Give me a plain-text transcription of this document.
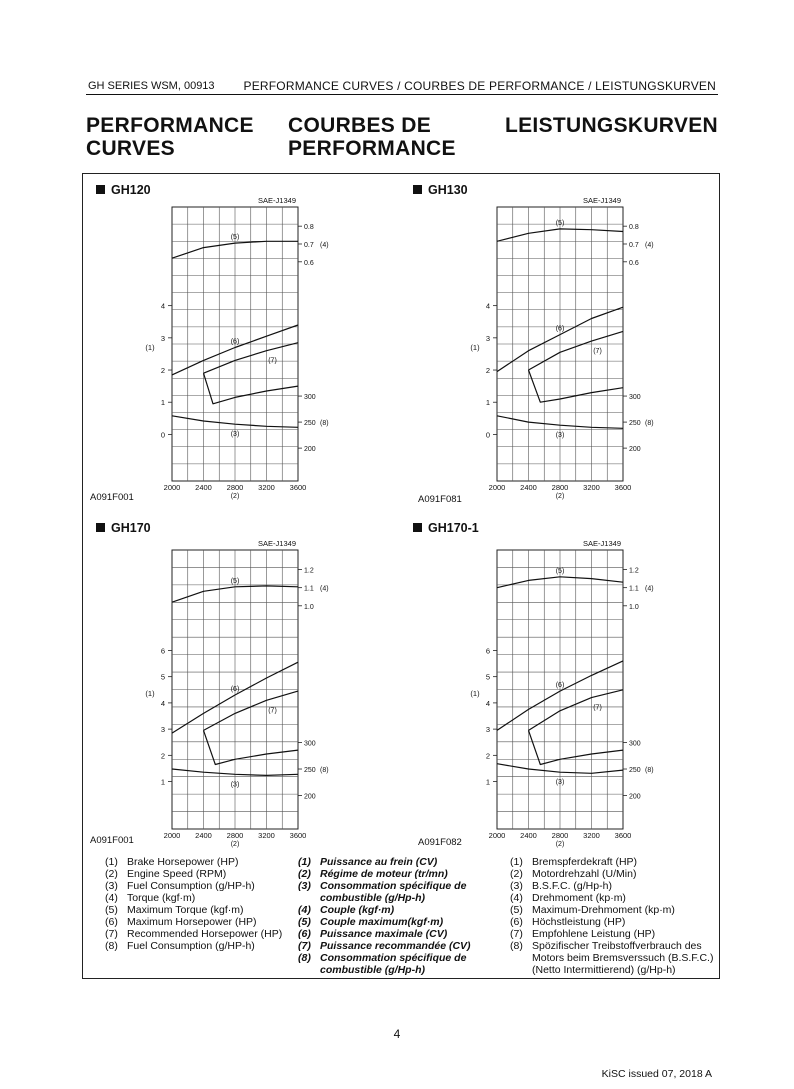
GH SERIES WSM, 00913 PERFORMANCE CURVES / COURBES DE PERFORMANCE / LEISTUNGSKURVEN
PERFORMANCE
CURVES
COURBES DE
PERFORMANCE
LEISTUNGSKURVEN
GH120
0
1
2
3
4
(1)
0.8
0.7
0.6
(4)
300
250
200
(8)
2000 2400 2800 3200 3600
(2)
SAE-J1349
(5)
(6)
(7)
(3)
A091F001
GH130
0
1
2
3
4
(1)
0.8
0.7
0.6
(4)
300
250
200
(8)
2000 2400 2800 3200 3600
(2)
SAE-J1349
(5)
(6)
(7)
(3)
A091F081
GH170
1
2
3
4
5
6
(1)
1.2
1.1
1.0
(4)
300
250
200
(8)
2000 2400 2800 3200 3600
(2)
SAE-J1349
(5)
(6)
(7)
(3)
A091F001
GH170-1
1
2
3
4
5
6
(1)
1.2
1.1
1.0
(4)
300
250
200
(8)
2000 2400 2800 3200 3600
(2)
SAE-J1349
(5)
(6)
(7)
(3)
A091F082
(1) Brake Horsepower (HP)
(2) Engine Speed (RPM)
(3) Fuel Consumption (g/HP-h)
(4) Torque (kgf·m)
(5) Maximum Torque (kgf·m)
(6) Maximum Horsepower (HP)
(7) Recommended Horsepower (HP)
(8) Fuel Consumption (g/HP-h)
(1) Puissance au frein (CV)
(2) Régime de moteur (tr/mn)
(3) Consommation spécifique de
combustible (g/Hp-h)
(4) Couple (kgf·m)
(5) Couple maximum(kgf·m)
(6) Puissance maximale (CV)
(7) Puissance recommandée (CV)
(8) Consommation spécifique de
combustible (g/Hp-h)
(1) Bremspferdekraft (HP)
(2) Motordrehzahl (U/Min)
(3) B.S.F.C. (g/Hp-h)
(4) Drehmoment (kp·m)
(5) Maximum-Drehmoment (kp·m)
(6) Höchstleistung (HP)
(7) Empfohlene Leistung (HP)
(8) Spöziﬁscher Treibstoffverbrauch des
Motors beim Bremsverssuch (B.S.F.C.)
(Netto Intermittierend) (g/Hp-h)
4
KiSC issued 07, 2018 A
